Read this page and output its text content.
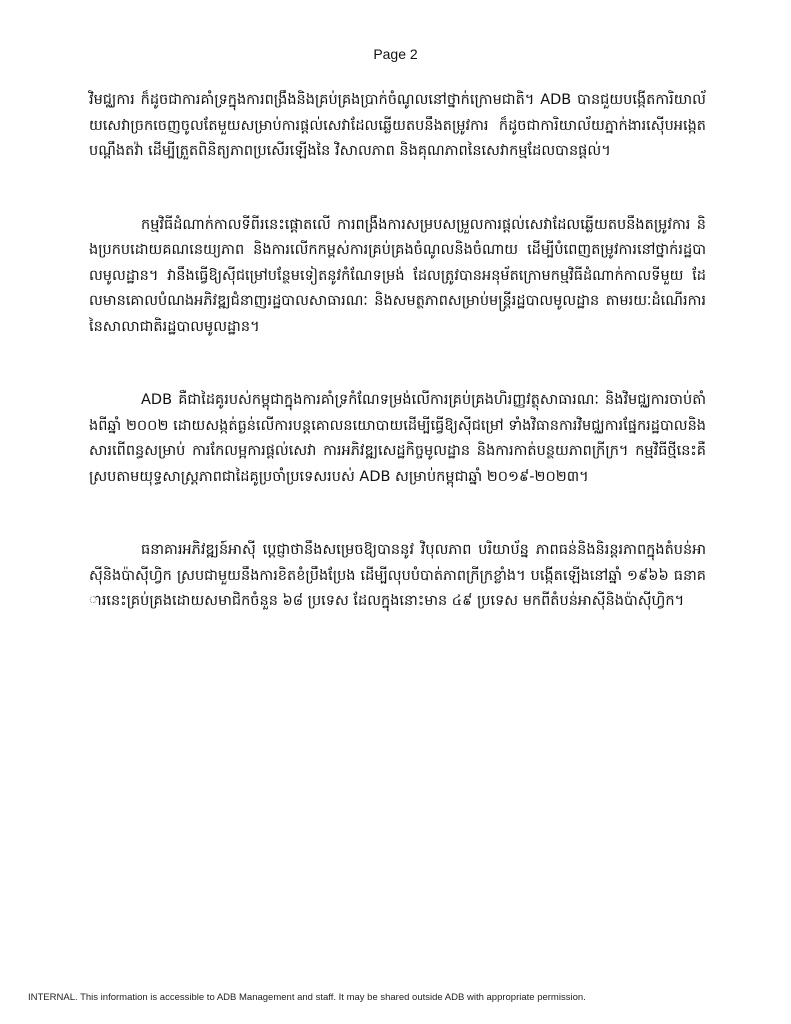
Page 2

វិមជ្ឈការ ក៏ដូចជាការគាំទ្រក្នុងការពង្រឹងនិងគ្រប់គ្រងប្រាក់ចំណូលនៅថ្នាក់ក្រោមជាតិ។ ADB បានជួយបង្កើតការិយាល័យសេវាច្រកចេញចូលតែមួយសម្រាប់ការផ្តល់សេវាដែលឆ្លើយតបនឹងតម្រូវការ ក៏ដូចជាការិយាល័យភ្នាក់ងារស៊ើបអង្កេតបណ្តឹងតវ៉ា ដើម្បីត្រួតពិនិត្យភាពប្រសើរឡើងនៃ វិសាលភាព និងគុណភាពនៃសេវាកម្មដែលបានផ្តល់។

កម្មវិធីដំណាក់កាលទីពីរនេះផ្តោតលើ ការពង្រឹងការសម្របសម្រួលការផ្តល់សេវាដែលឆ្លើយតបនឹងតម្រូវការ និងប្រកបដោយគណនេយ្យភាព និងការលើកកម្ពស់ការគ្រប់គ្រងចំណូលនិងចំណាយ ដើម្បីបំពេញតម្រូវការនៅថ្នាក់រដ្ឋបាលមូលដ្ឋាន។ វានឹងធ្វើឱ្យស៊ីជម្រៅបន្ថែមទៀតនូវកំណែទម្រង់ ដែលត្រូវបានអនុម័តក្រោមកម្មវិធីដំណាក់កាលទីមួយ ដែលមានគោលបំណងអភិវឌ្ឍជំនាញរដ្ឋបាលសាធារណៈ និងសមត្ថភាពសម្រាប់មន្ត្រីរដ្ឋបាលមូលដ្ឋាន តាមរយៈដំណើរការនៃសាលាជាតិរដ្ឋបាលមូលដ្ឋាន។

ADB គឺជាដៃគូរបស់កម្ពុជាក្នុងការគាំទ្រកំណែទម្រង់លើការគ្រប់គ្រងហិរញ្ញវត្ថុសាធារណៈ និងវិមជ្ឈការចាប់តាំងពីឆ្នាំ ២០០២ ដោយសង្កត់ធ្ងន់លើការបន្តគោលនយោបាយដើម្បីធ្វើឱ្យស៊ីជម្រៅ ទាំងវិធានការវិមជ្ឈការផ្នែករដ្ឋបាលនិងសារពើពន្ធសម្រាប់ ការកែលម្អការផ្តល់សេវា ការអភិវឌ្ឍសេដ្ឋកិច្ចមូលដ្ឋាន និងការកាត់បន្ថយភាពក្រីក្រ។ កម្មវិធីថ្មីនេះគឺស្របតាមយុទ្ធសាស្ត្រភាពជាដៃគូប្រចាំប្រទេសរបស់ ADB សម្រាប់កម្ពុជាឆ្នាំ ២០១៩-២០២៣។

ធនាគារអភិវឌ្ឍន៍អាស៊ី ប្តេជ្ញាថានឹងសម្រេចឱ្យបាននូវ វិបុលភាព បរិយាប័ន្ន ភាពធន់និងនិរន្តរភាពក្នុងតំបន់អាស៊ីនិងប៉ាស៊ីហ្វិក ស្របជាមួយនឹងការខិតខំប្រឹងប្រែង ដើម្បីលុបបំបាត់ភាពក្រីក្រខ្លាំង។ បង្កើតឡើងនៅឆ្នាំ ១៩៦៦ ធនាគារនេះគ្រប់គ្រងដោយសមាជិកចំនួន ៦៨ ប្រទេស ដែលក្នុងនោះមាន ៤៩ ប្រទេស មកពីតំបន់អាស៊ីនិងប៉ាស៊ីហ្វិក។

INTERNAL. This information is accessible to ADB Management and staff. It may be shared outside ADB with appropriate permission.
